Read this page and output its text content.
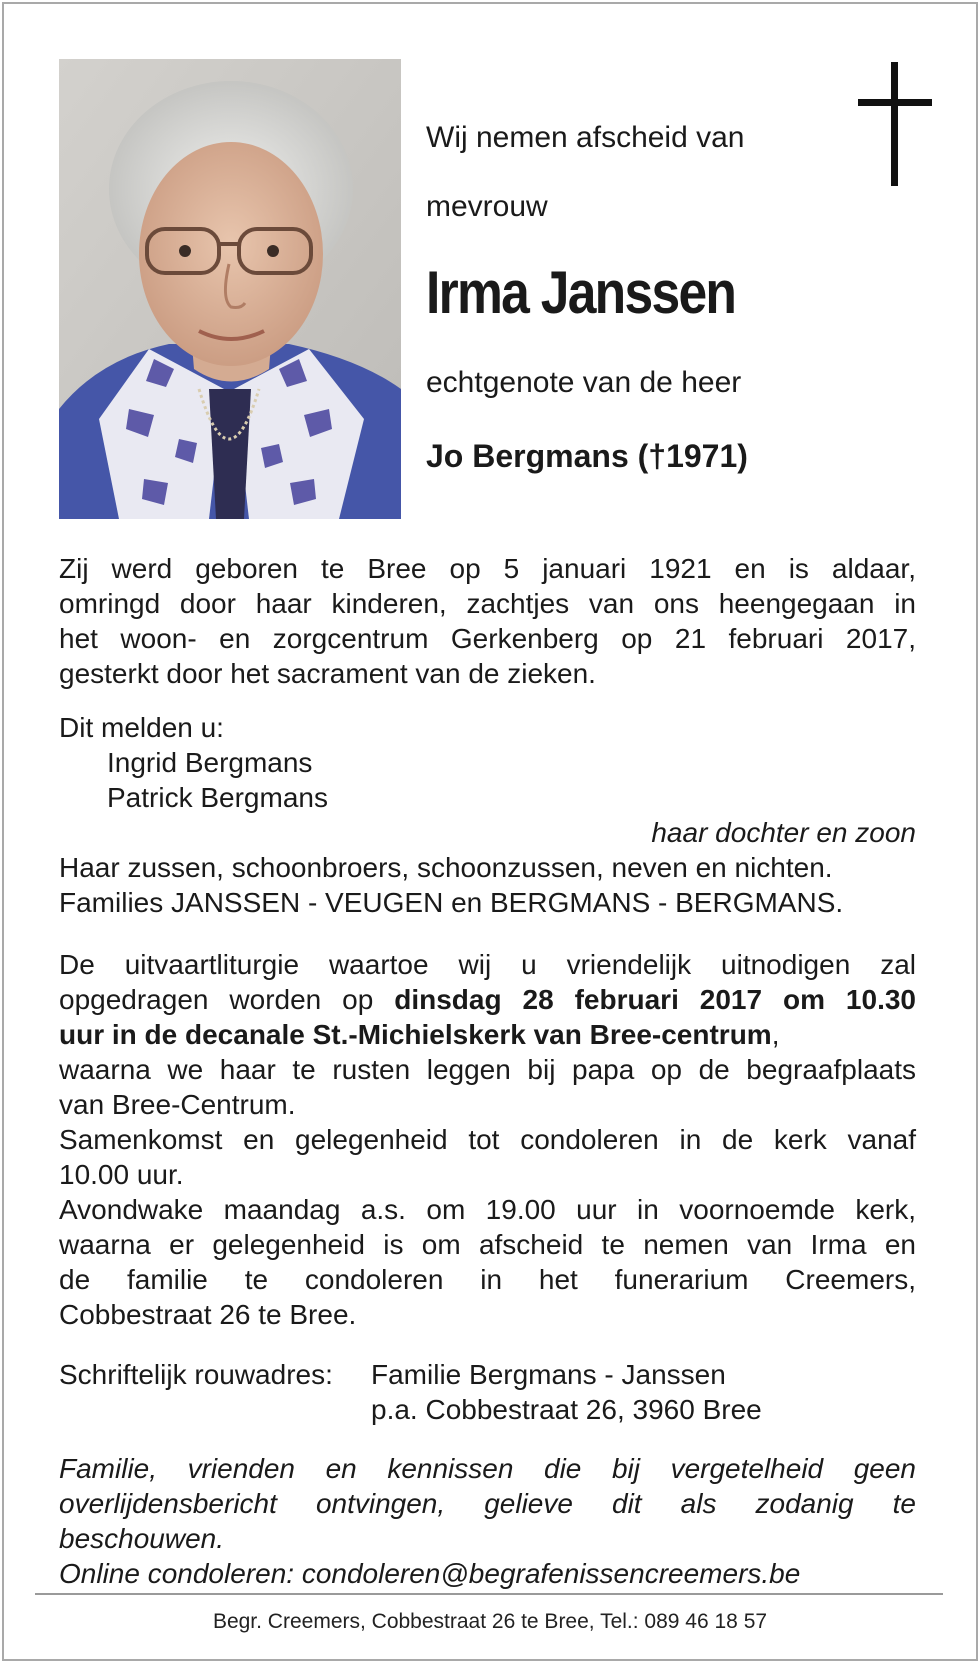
Wij nemen afscheid van
mevrouw
Irma Janssen
echtgenote van de heer
Jo Bergmans (†1971)
Zij werd geboren te Bree op 5 januari 1921 en is aldaar,
omringd door haar kinderen, zachtjes van ons heengegaan in
het woon- en zorgcentrum Gerkenberg op 21 februari 2017,
gesterkt door het sacrament van de zieken.
Dit melden u:
Ingrid Bergmans
Patrick Bergmans
haar dochter en zoon
Haar zussen, schoonbroers, schoonzussen, neven en nichten.
Families JANSSEN - VEUGEN en BERGMANS - BERGMANS.
De uitvaartliturgie waartoe wij u vriendelijk uitnodigen zal
opgedragen worden op dinsdag 28 februari 2017 om 10.30
uur in de decanale St.-Michielskerk van Bree-centrum,
waarna we haar te rusten leggen bij papa op de begraafplaats
van Bree-Centrum.
Samenkomst en gelegenheid tot condoleren in de kerk vanaf
10.00 uur.
Avondwake maandag a.s. om 19.00 uur in voornoemde kerk,
waarna er gelegenheid is om afscheid te nemen van Irma en
de familie te condoleren in het funerarium Creemers,
Cobbestraat 26 te Bree.
Schriftelijk rouwadres: Familie Bergmans - Janssen
p.a. Cobbestraat 26, 3960 Bree
Familie, vrienden en kennissen die bij vergetelheid geen
overlijdensbericht ontvingen, gelieve dit als zodanig te
beschouwen.
Online condoleren: condoleren@begrafenissencreemers.be
Begr. Creemers, Cobbestraat 26 te Bree, Tel.: 089 46 18 57
